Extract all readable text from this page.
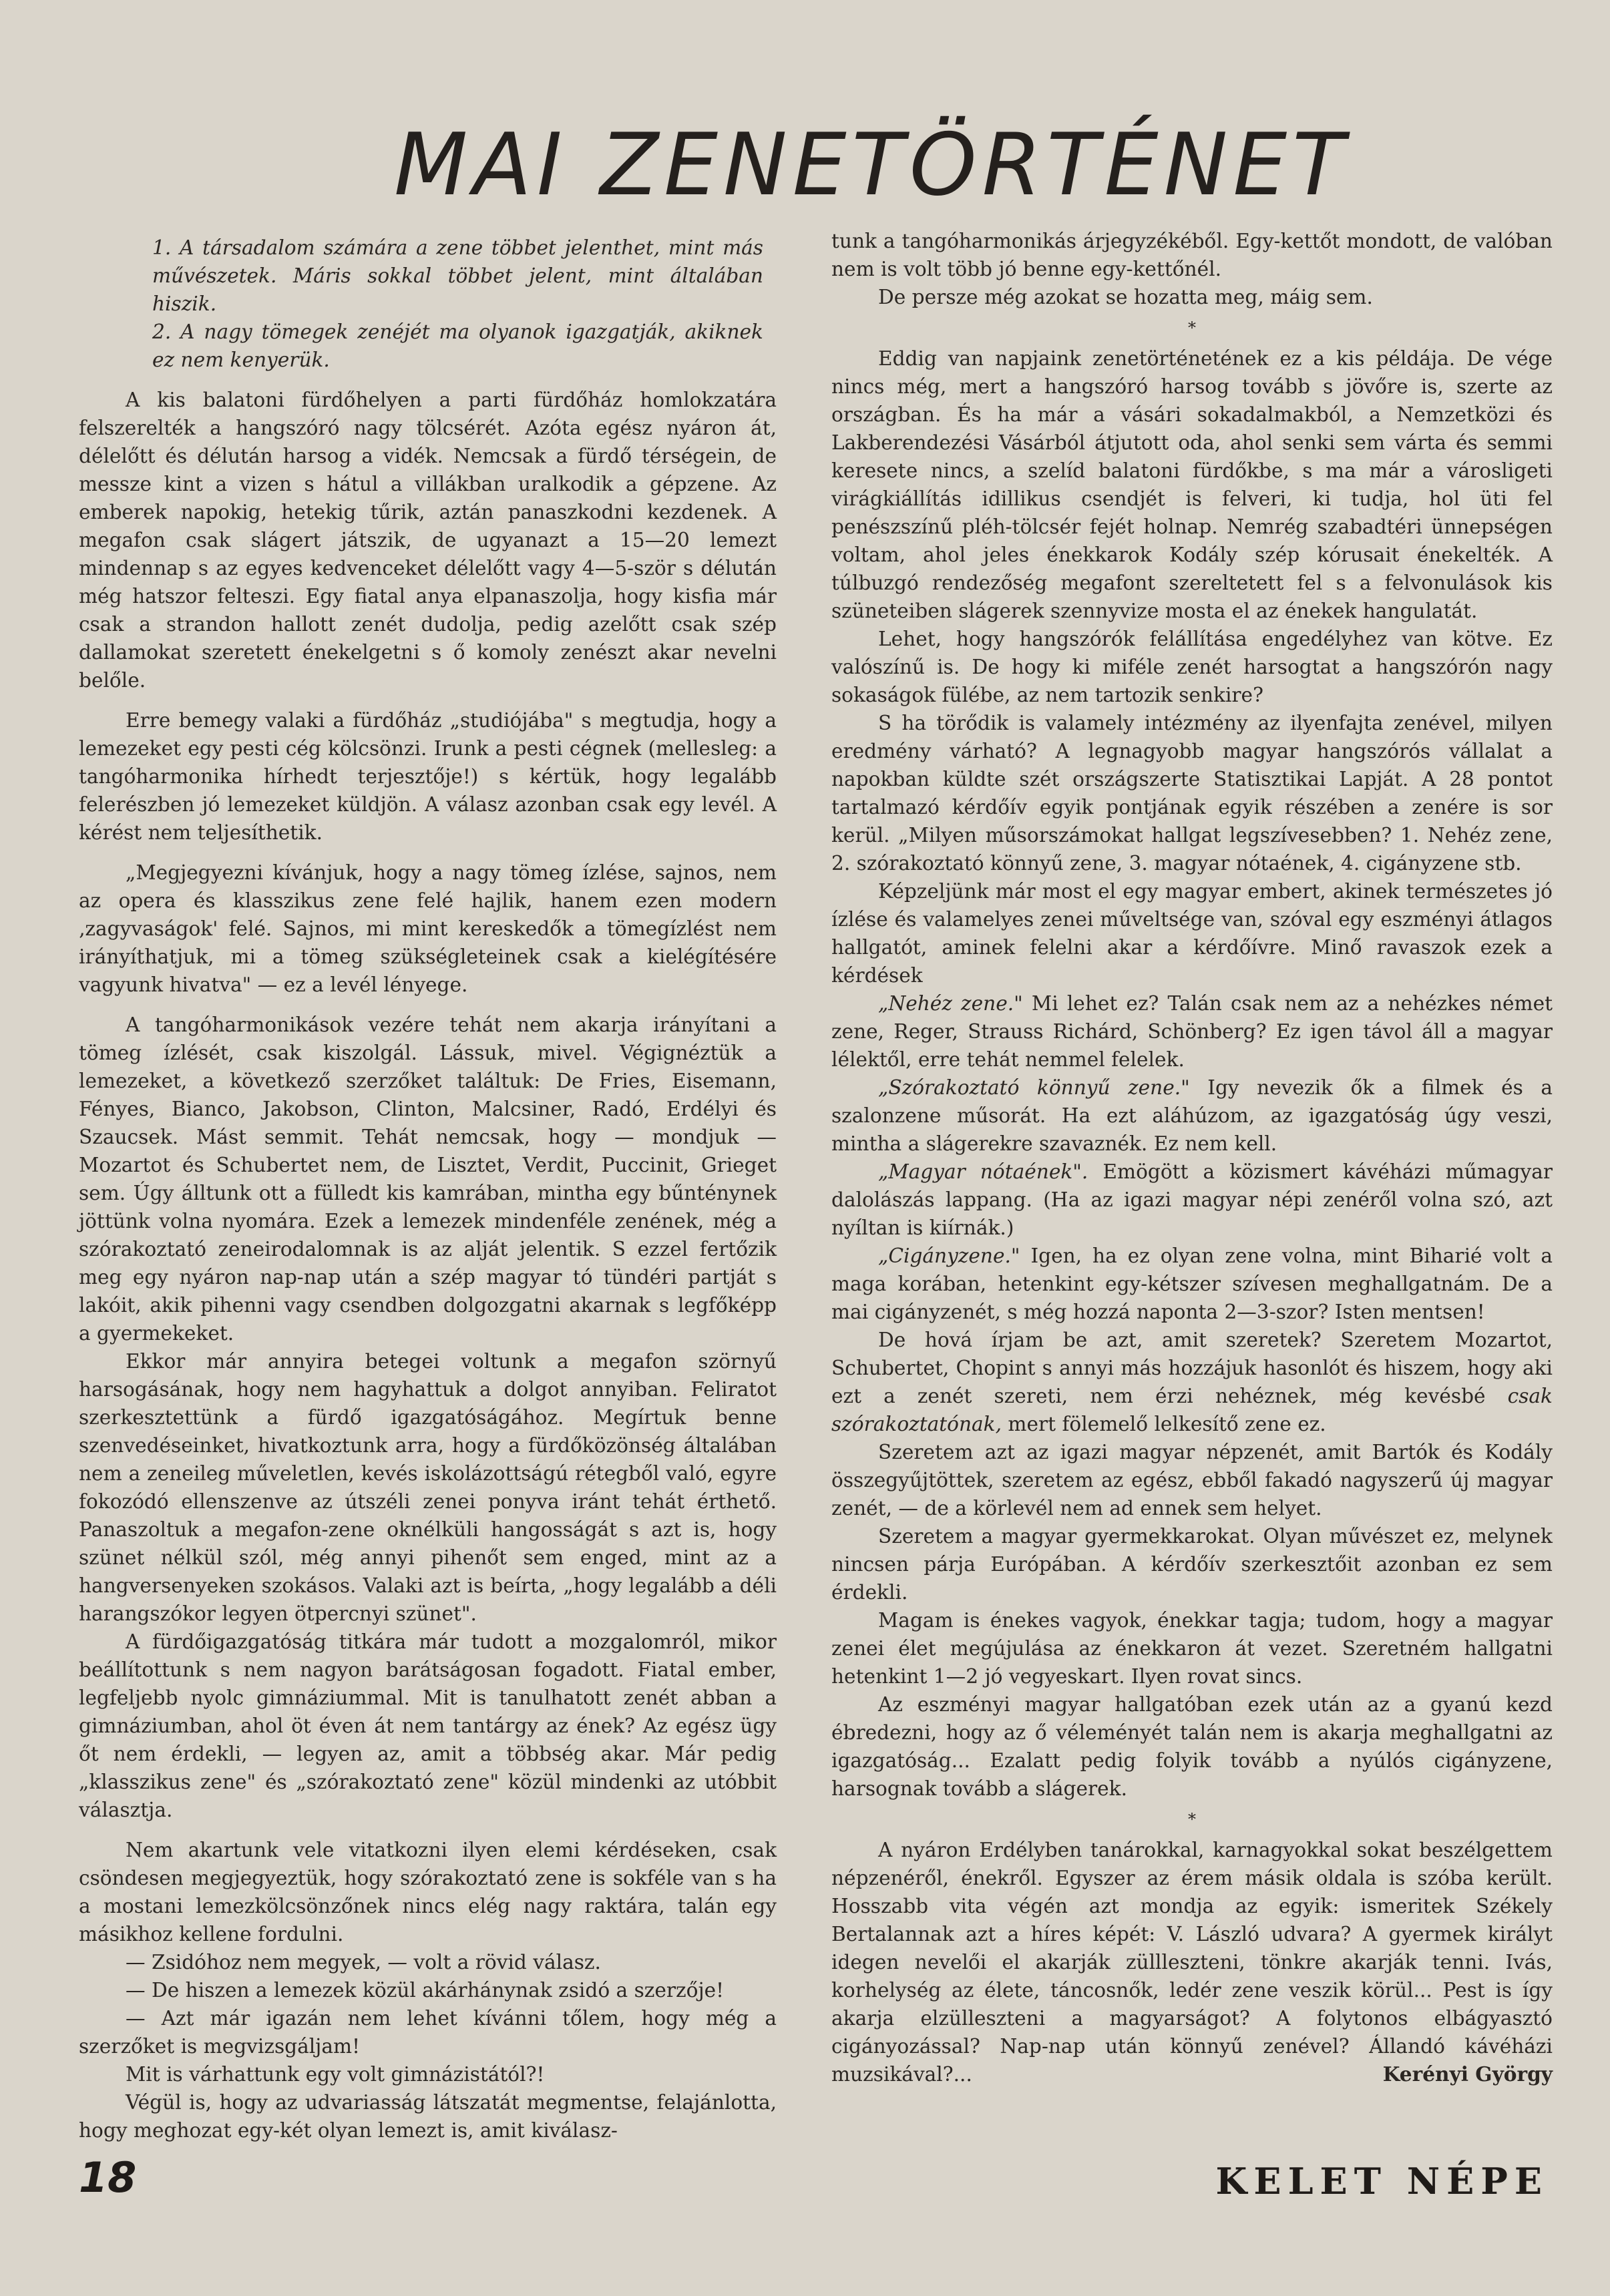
MAI ZENETÖRTÉNET

1. A társadalom számára a zene többet jelenthet, mint más művészetek. Máris sokkal többet jelent, mint általában hiszik.

2. A nagy tömegek zenéjét ma olyanok igazgatják, akiknek ez nem kenyerük.

A kis balatoni fürdőhelyen a parti fürdőház homlokzatára felszerelték a hangszóró nagy tölcsérét. Azóta egész nyáron át, délelőtt és délután harsog a vidék. Nemcsak a fürdő térségein, de messze kint a vizen s hátul a villákban uralkodik a gépzene. Az emberek napokig, hetekig tűrik, aztán panaszkodni kezdenek. A megafon csak slágert játszik, de ugyanazt a 15—20 lemezt mindennap s az egyes kedvenceket délelőtt vagy 4—5-ször s délután még hatszor felteszi. Egy fiatal anya elpanaszolja, hogy kisfia már csak a strandon hallott zenét dudolja, pedig azelőtt csak szép dallamokat szeretett énekelgetni s ő komoly zenészt akar nevelni belőle.

Erre bemegy valaki a fürdőház „studiójába" s megtudja, hogy a lemezeket egy pesti cég kölcsönzi. Irunk a pesti cégnek (mellesleg: a tangóharmonika hírhedt terjesztője!) s kértük, hogy legalább felerészben jó lemezeket küldjön. A válasz azonban csak egy levél. A kérést nem teljesíthetik.

„Megjegyezni kívánjuk, hogy a nagy tömeg ízlése, sajnos, nem az opera és klasszikus zene felé hajlik, hanem ezen modern ‚zagyvaságok' felé. Sajnos, mi mint kereskedők a tömegízlést nem irányíthatjuk, mi a tömeg szükségleteinek csak a kielégítésére vagyunk hivatva" — ez a levél lényege.

A tangóharmonikások vezére tehát nem akarja irányítani a tömeg ízlését, csak kiszolgál. Lássuk, mivel. Végignéztük a lemezeket, a következő szerzőket találtuk: De Fries, Eisemann, Fényes, Bianco, Jakobson, Clinton, Malcsiner, Radó, Erdélyi és Szaucsek. Mást semmit. Tehát nemcsak, hogy — mondjuk — Mozartot és Schubertet nem, de Lisztet, Verdit, Puccinit, Grieget sem. Úgy álltunk ott a fülledt kis kamrában, mintha egy bűnténynek jöttünk volna nyomára. Ezek a lemezek mindenféle zenének, még a szórakoztató zeneirodalomnak is az alját jelentik. S ezzel fertőzik meg egy nyáron nap-nap után a szép magyar tó tündéri partját s lakóit, akik pihenni vagy csendben dolgozgatni akarnak s legfőképp a gyermekeket.

Ekkor már annyira betegei voltunk a megafon szörnyű harsogásának, hogy nem hagyhattuk a dolgot annyiban. Feliratot szerkesztettünk a fürdő igazgatóságához. Megírtuk benne szenvedéseinket, hivatkoztunk arra, hogy a fürdőközönség általában nem a zeneileg műveletlen, kevés iskolázottságú rétegből való, egyre fokozódó ellenszenve az útszéli zenei ponyva iránt tehát érthető. Panaszoltuk a megafon-zene oknélküli hangosságát s azt is, hogy szünet nélkül szól, még annyi pihenőt sem enged, mint az a hangversenyeken szokásos. Valaki azt is beírta, „hogy legalább a déli harangszókor legyen ötpercnyi szünet".

A fürdőigazgatóság titkára már tudott a mozgalomról, mikor beállítottunk s nem nagyon barátságosan fogadott. Fiatal ember, legfeljebb nyolc gimnáziummal. Mit is tanulhatott zenét abban a gimnáziumban, ahol öt éven át nem tantárgy az ének? Az egész ügy őt nem érdekli, — legyen az, amit a többség akar. Már pedig „klasszikus zene" és „szórakoztató zene" közül mindenki az utóbbit választja.

Nem akartunk vele vitatkozni ilyen elemi kérdéseken, csak csöndesen megjegyeztük, hogy szórakoztató zene is sokféle van s ha a mostani lemezkölcsönzőnek nincs elég nagy raktára, talán egy másikhoz kellene fordulni.

— Zsidóhoz nem megyek, — volt a rövid válasz.

— De hiszen a lemezek közül akárhánynak zsidó a szerzője!

— Azt már igazán nem lehet kívánni tőlem, hogy még a szerzőket is megvizsgáljam!

Mit is várhattunk egy volt gimnázistától?!

Végül is, hogy az udvariasság látszatát megmentse, felajánlotta, hogy meghozat egy-két olyan lemezt is, amit kiválasz-

tunk a tangóharmonikás árjegyzékéből. Egy-kettőt mondott, de valóban nem is volt több jó benne egy-kettőnél.

De persze még azokat se hozatta meg, máig sem.

*

Eddig van napjaink zenetörténetének ez a kis példája. De vége nincs még, mert a hangszóró harsog tovább s jövőre is, szerte az országban. És ha már a vásári sokadalmakból, a Nemzetközi és Lakberendezési Vásárból átjutott oda, ahol senki sem várta és semmi keresete nincs, a szelíd balatoni fürdőkbe, s ma már a városligeti virágkiállítás idillikus csendjét is felveri, ki tudja, hol üti fel penészszínű pléh-tölcsér fejét holnap. Nemrég szabadtéri ünnepségen voltam, ahol jeles énekkarok Kodály szép kórusait énekelték. A túlbuzgó rendezőség megafont szereltetett fel s a felvonulások kis szüneteiben slágerek szennyvize mosta el az énekek hangulatát.

Lehet, hogy hangszórók felállítása engedélyhez van kötve. Ez valószínű is. De hogy ki miféle zenét harsogtat a hangszórón nagy sokaságok fülébe, az nem tartozik senkire?

S ha törődik is valamely intézmény az ilyenfajta zenével, milyen eredmény várható? A legnagyobb magyar hangszórós vállalat a napokban küldte szét országszerte Statisztikai Lapját. A 28 pontot tartalmazó kérdőív egyik pontjának egyik részében a zenére is sor kerül. „Milyen műsorszámokat hallgat legszívesebben? 1. Nehéz zene, 2. szórakoztató könnyű zene, 3. magyar nótaének, 4. cigányzene stb.

Képzeljünk már most el egy magyar embert, akinek természetes jó ízlése és valamelyes zenei műveltsége van, szóval egy eszményi átlagos hallgatót, aminek felelni akar a kérdőívre. Minő ravaszok ezek a kérdések

„Nehéz zene." Mi lehet ez? Talán csak nem az a nehézkes német zene, Reger, Strauss Richárd, Schönberg? Ez igen távol áll a magyar lélektől, erre tehát nemmel felelek.

„Szórakoztató könnyű zene." Igy nevezik ők a filmek és a szalonzene műsorát. Ha ezt aláhúzom, az igazgatóság úgy veszi, mintha a slágerekre szavaznék. Ez nem kell.

„Magyar nótaének". Emögött a közismert kávéházi műmagyar dalolászás lappang. (Ha az igazi magyar népi zenéről volna szó, azt nyíltan is kiírnák.)

„Cigányzene." Igen, ha ez olyan zene volna, mint Biharié volt a maga korában, hetenkint egy-kétszer szívesen meghallgatnám. De a mai cigányzenét, s még hozzá naponta 2—3-szor? Isten mentsen!

De hová írjam be azt, amit szeretek? Szeretem Mozartot, Schubertet, Chopint s annyi más hozzájuk hasonlót és hiszem, hogy aki ezt a zenét szereti, nem érzi nehéznek, még kevésbé csak szórakoztatónak, mert fölemelő lelkesítő zene ez.

Szeretem azt az igazi magyar népzenét, amit Bartók és Kodály összegyűjtöttek, szeretem az egész, ebből fakadó nagyszerű új magyar zenét, — de a körlevél nem ad ennek sem helyet.

Szeretem a magyar gyermekkarokat. Olyan művészet ez, melynek nincsen párja Európában. A kérdőív szerkesztőit azonban ez sem érdekli.

Magam is énekes vagyok, énekkar tagja; tudom, hogy a magyar zenei élet megújulása az énekkaron át vezet. Szeretném hallgatni hetenkint 1—2 jó vegyeskart. Ilyen rovat sincs.

Az eszményi magyar hallgatóban ezek után az a gyanú kezd ébredezni, hogy az ő véleményét talán nem is akarja meghallgatni az igazgatóság... Ezalatt pedig folyik tovább a nyúlós cigányzene, harsognak tovább a slágerek.

*

A nyáron Erdélyben tanárokkal, karnagyokkal sokat beszélgettem népzenéről, énekről. Egyszer az érem másik oldala is szóba került. Hosszabb vita végén azt mondja az egyik: ismeritek Székely Bertalannak azt a híres képét: V. László udvara? A gyermek királyt idegen nevelői el akarják züllleszteni, tönkre akarják tenni. Ivás, korhelység az élete, táncosnők, ledér zene veszik körül... Pest is így akarja elzülleszteni a magyarságot? A folytonos elbágyasztó cigányozással? Nap-nap után könnyű zenével? Állandó kávéházi muzsikával?...	Kerényi György

18	KELET NÉPE
